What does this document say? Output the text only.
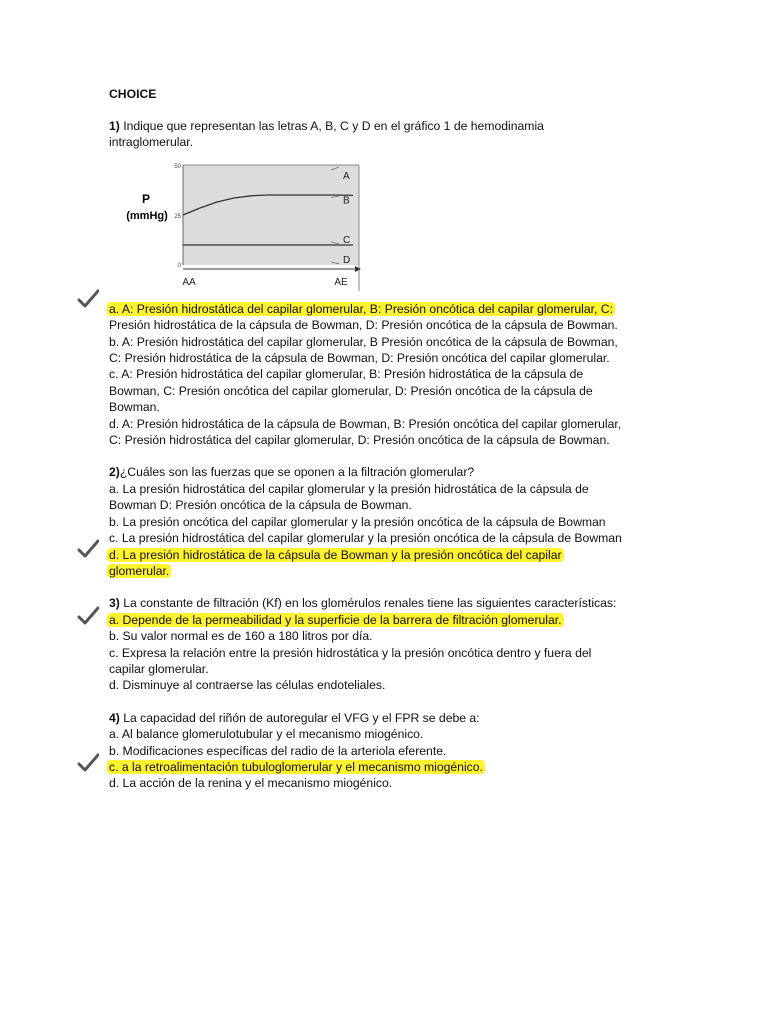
CHOICE

1) Indique que representan las letras A, B, C y D en el gráfico 1 de hemodinamia

intraglomerular.

P
(mmHg)
50
25
0
A
B
C
D
AA	AE

a. A: Presión hidrostática del capilar glomerular, B: Presión oncótica del capilar glomerular, C:

Presión hidrostática de la cápsula de Bowman, D: Presión oncótica de la cápsula de Bowman.

b. A: Presión hidrostática del capilar glomerular, B Presión oncótica de la cápsula de Bowman,

C: Presión hidrostática de la cápsula de Bowman, D: Presión oncótica del capilar glomerular.

c. A: Presión hidrostática del capilar glomerular, B: Presión hidrostática de la cápsula de

Bowman, C: Presión oncótica del capilar glomerular, D: Presión oncótica de la cápsula de

Bowman.

d. A: Presión hidrostática de la cápsula de Bowman, B: Presión oncótica del capilar glomerular,

C: Presión hidrostática del capilar glomerular, D: Presión oncótica de la cápsula de Bowman.

2)¿Cuáles son las fuerzas que se oponen a la filtración glomerular?

a. La presión hidrostática del capilar glomerular y la presión hidrostática de la cápsula de

Bowman D: Presión oncótica de la cápsula de Bowman.

b. La presión oncótica del capilar glomerular y la presión oncótica de la cápsula de Bowman

c. La presión hidrostática del capilar glomerular y la presión oncótica de la cápsula de Bowman

d. La presión hidrostática de la cápsula de Bowman y la presión oncótica del capilar

glomerular.

3) La constante de filtración (Kf) en los glomérulos renales tiene las siguientes características:

a. Depende de la permeabilidad y la superficie de la barrera de filtración glomerular.

b. Su valor normal es de 160 a 180 litros por día.

c. Expresa la relación entre la presión hidrostática y la presión oncótica dentro y fuera del

capilar glomerular.

d. Disminuye al contraerse las células endoteliales.

4) La capacidad del riñón de autoregular el VFG y el FPR se debe a:

a. Al balance glomerulotubular y el mecanismo miogénico.

b. Modificaciones específicas del radio de la arteriola eferente.

c. a la retroalimentación tubuloglomerular y el mecanismo miogénico.

d. La acción de la renina y el mecanismo miogénico.
